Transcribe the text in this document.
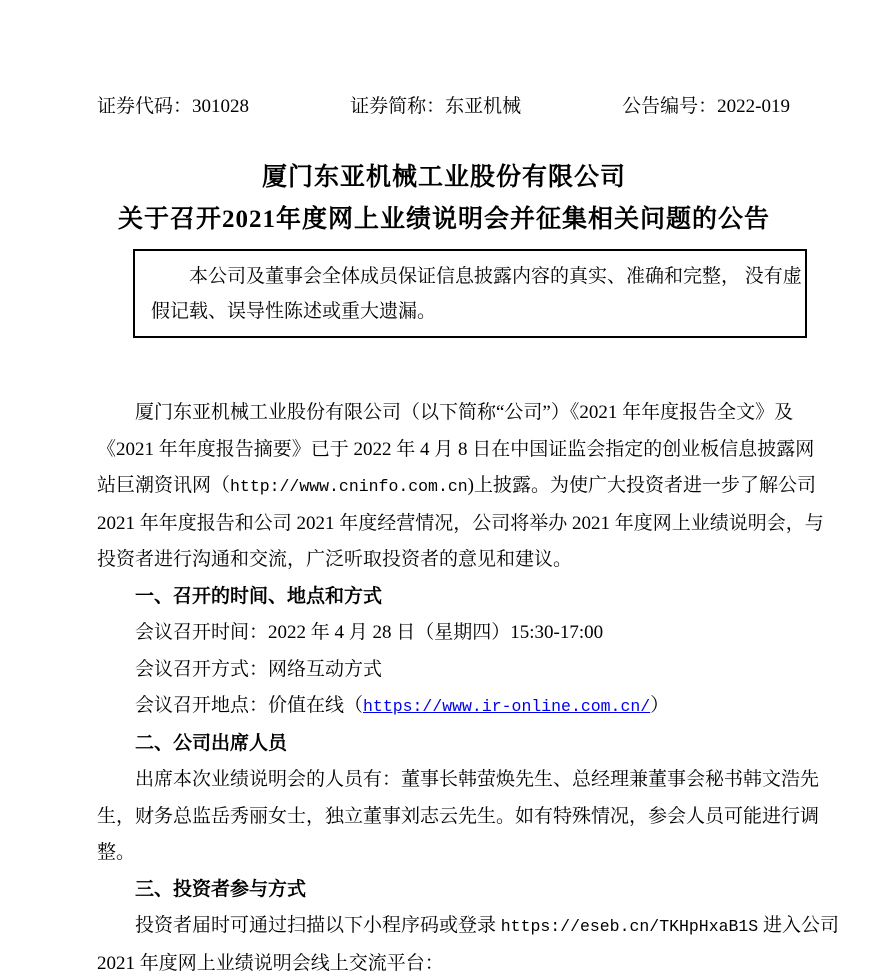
证券代码：301028	证券简称：东亚机械	公告编号：2022-019
厦门东亚机械工业股份有限公司
关于召开2021年度网上业绩说明会并征集相关问题的公告
本公司及董事会全体成员保证信息披露内容的真实、准确和完整， 没有虚
假记载、误导性陈述或重大遗漏。
厦门东亚机械工业股份有限公司（以下简称“公司”）《2021 年年度报告全文》及
《2021 年年度报告摘要》已于 2022 年 4 月 8 日在中国证监会指定的创业板信息披露网
站巨潮资讯网（http://www.cninfo.com.cn)上披露。为使广大投资者进一步了解公司
2021 年年度报告和公司 2021 年度经营情况，公司将举办 2021 年度网上业绩说明会，与
投资者进行沟通和交流，广泛听取投资者的意见和建议。
一、召开的时间、地点和方式
会议召开时间：2022 年 4 月 28 日（星期四）15:30-17:00
会议召开方式：网络互动方式
会议召开地点：价值在线（https://www.ir-online.com.cn/）
二、公司出席人员
出席本次业绩说明会的人员有：董事长韩萤焕先生、总经理兼董事会秘书韩文浩先
生，财务总监岳秀丽女士，独立董事刘志云先生。如有特殊情况，参会人员可能进行调
整。
三、投资者参与方式
投资者届时可通过扫描以下小程序码或登录 https://eseb.cn/TKHpHxaB1S 进入公司
2021 年度网上业绩说明会线上交流平台：
